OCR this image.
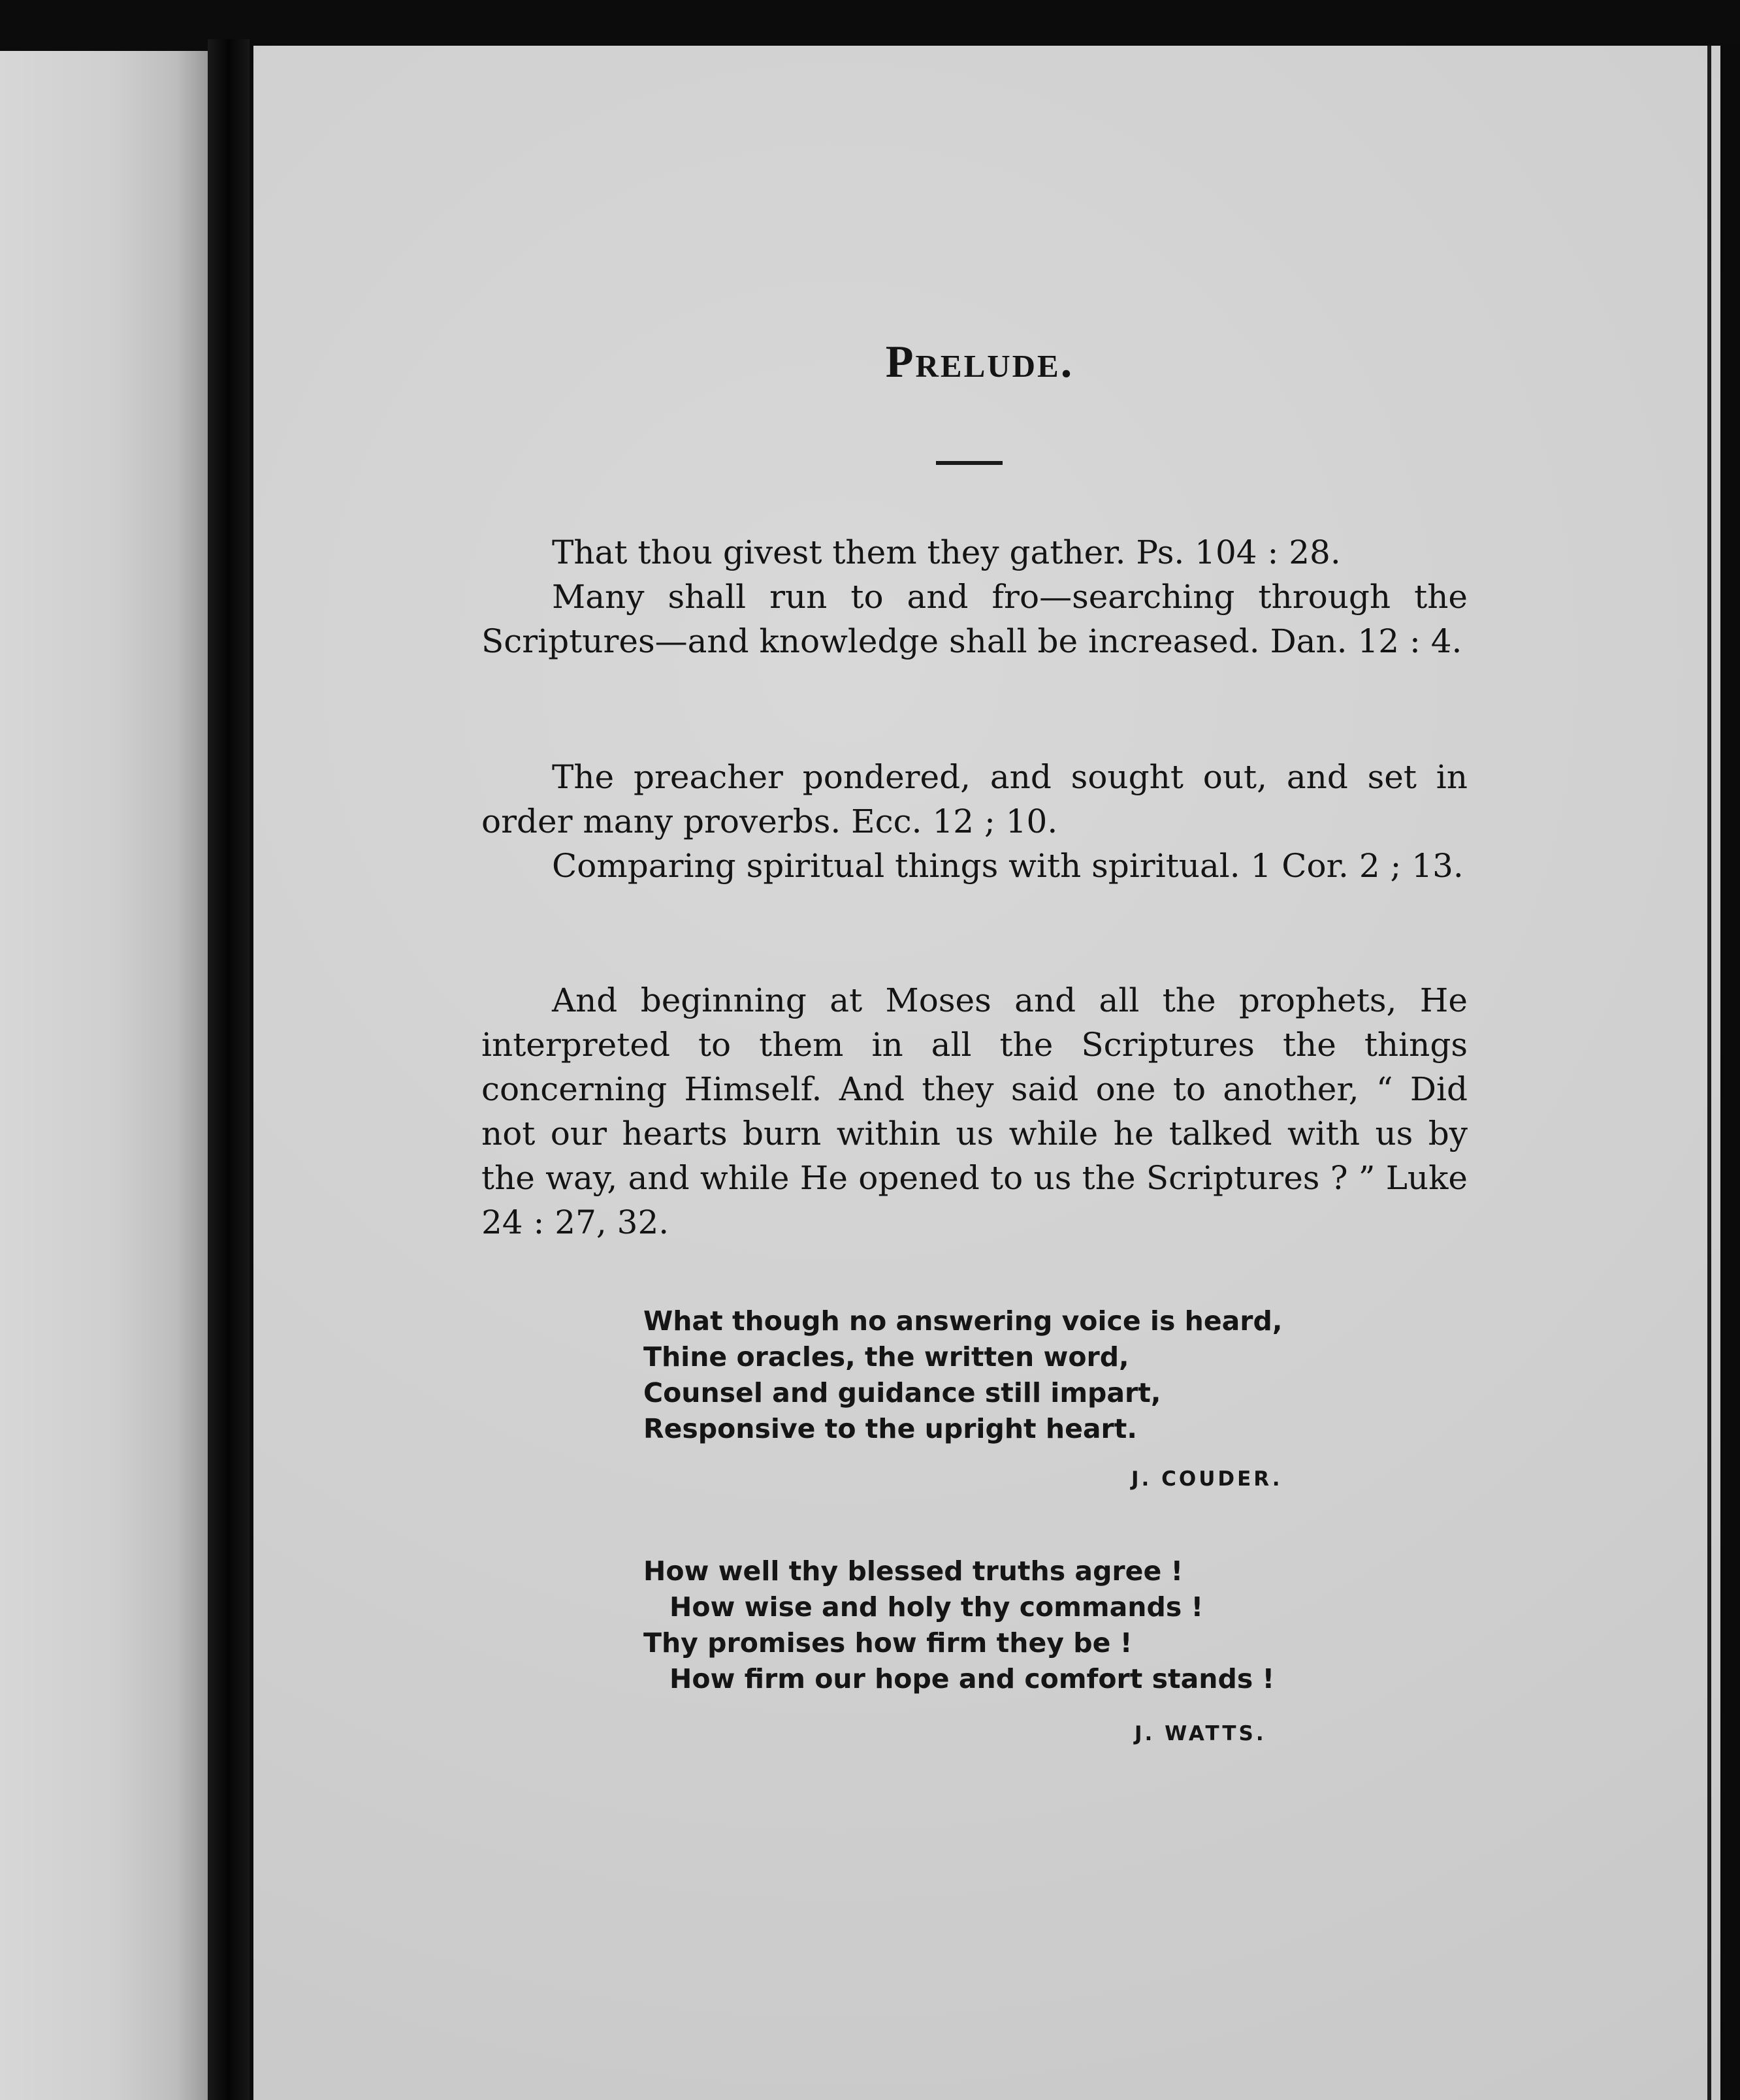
Prelude.

That thou givest them they gather. Ps. 104 : 28.

Many shall run to and fro—searching through the Scriptures—and knowledge shall be increased. Dan. 12 : 4.

The preacher pondered, and sought out, and set in order many proverbs. Ecc. 12 ; 10.

Comparing spiritual things with spiritual. 1 Cor. 2 ; 13.

And beginning at Moses and all the prophets, He interpreted to them in all the Scriptures the things concerning Himself. And they said one to another, “ Did not our hearts burn within us while he talked with us by the way, and while He opened to us the Scriptures ? ” Luke 24 : 27, 32.

What though no answering voice is heard,
Thine oracles, the written word,
Counsel and guidance still impart,
Responsive to the upright heart.
J. COUDER.
How well thy blessed truths agree !
How wise and holy thy commands !
Thy promises how firm they be !
How firm our hope and comfort stands !
J. WATTS.
